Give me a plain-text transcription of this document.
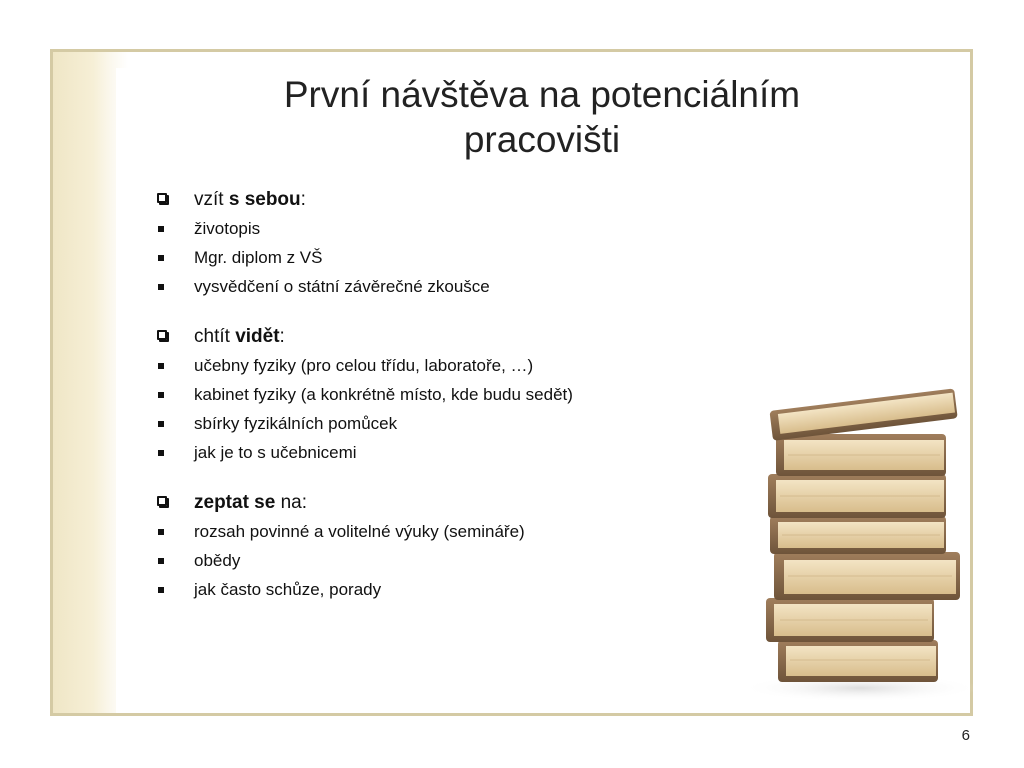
První návštěva na potenciálním
pracovišti
vzít s sebou:
životopis
Mgr. diplom z VŠ
vysvědčení o státní závěrečné zkoušce
chtít vidět:
učebny fyziky (pro celou třídu, laboratoře, …)
kabinet fyziky (a konkrétně místo, kde budu sedět)
sbírky fyzikálních pomůcek
jak je to s učebnicemi
zeptat se na:
rozsah povinné a volitelné výuky (semináře)
obědy
jak často schůze, porady
6
